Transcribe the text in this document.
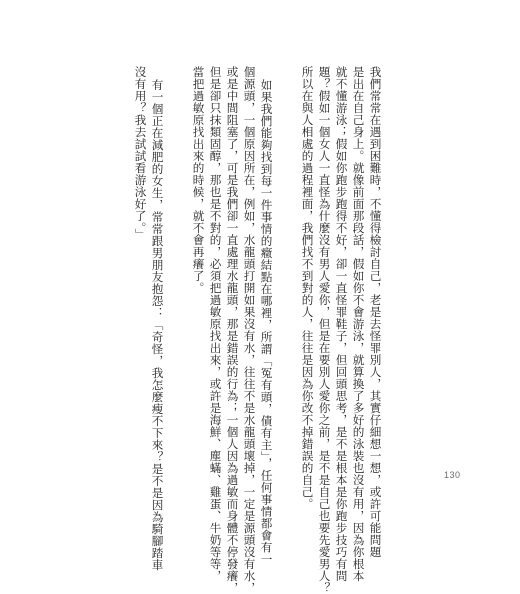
我們常常在遇到困難時，不懂得檢討自己，老是去怪罪別人，其實仔細想一想，或許可能問題
是出在自己身上。就像前面那段話，假如你不會游泳，就算換了多好的泳裝也沒有用，因為你根本
就不懂游泳；假如你跑步跑得不好，卻一直怪罪鞋子，但回頭思考，是不是根本是你跑步技巧有問
題？假如一個女人一直怪為什麼沒有男人愛你，但是在要別人愛你之前，是不是自己也要先愛男人？
所以在與人相處的過程裡面，我們找不到對的人，往往是因為你改不掉錯誤的自己。
如果我們能夠找到每一件事情的癥結點在哪裡，所謂「冤有頭，債有主」，任何事情都會有一
個源頭，一個原因所在，例如，水龍頭打開如果沒有水，往往不是水龍頭壞掉，一定是源頭沒有水，
或是中間阻塞了，可是我們卻一直處理水龍頭，那是錯誤的行為；一個人因為過敏而身體不停發癢，
但是卻只抹類固醇，那也是不對的，必須把過敏原找出來，或許是海鮮、塵蟎、雞蛋、牛奶等等，
當把過敏原找出來的時候，就不會再癢了。
有一個正在減肥的女生，常常跟男朋友抱怨：「奇怪，我怎麼瘦不下來？是不是因為騎腳踏車
沒有用？我去試試看游泳好了。」
130
